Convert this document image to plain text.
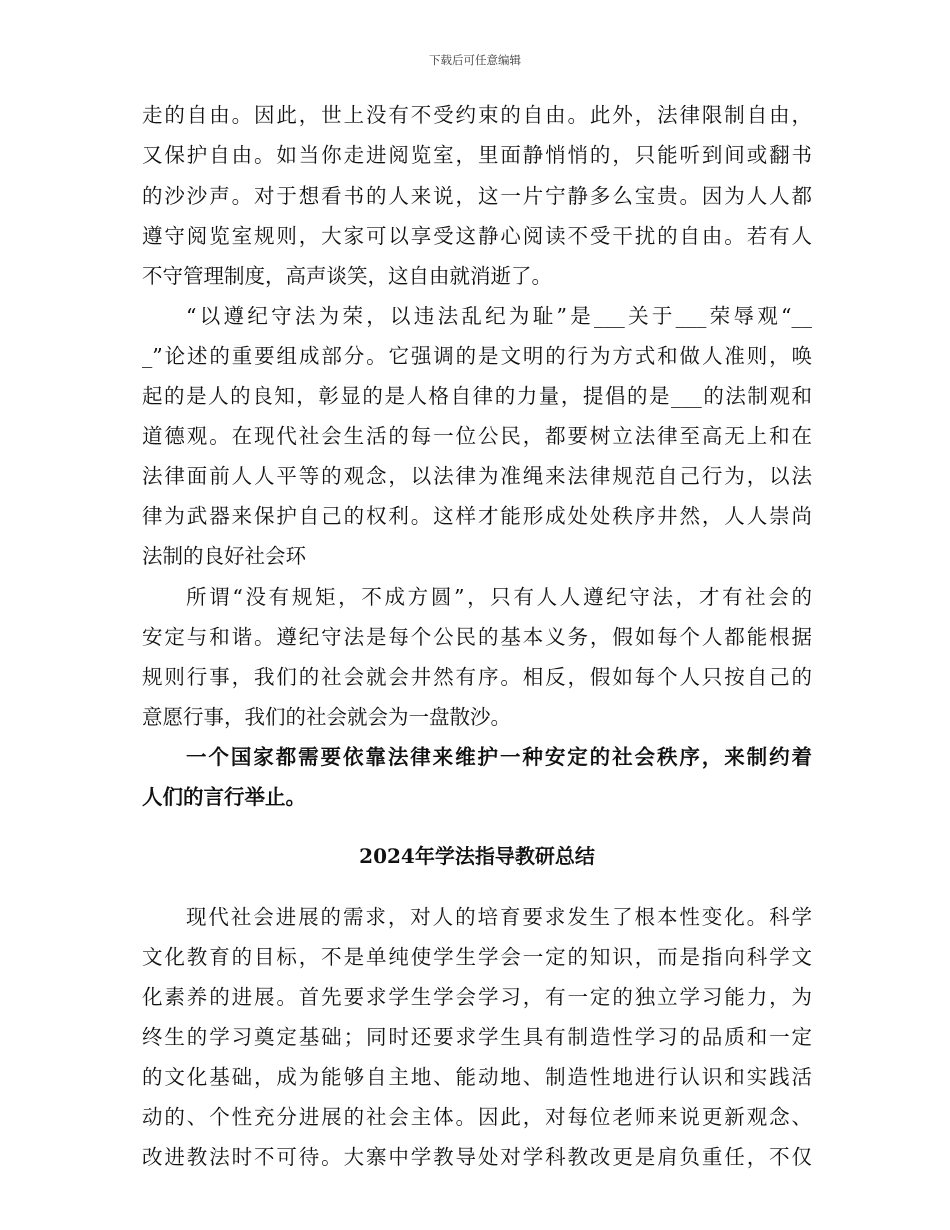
下载后可任意编辑
走的自由。因此，世上没有不受约束的自由。此外，法律限制自由，
又保护自由。如当你走进阅览室，里面静悄悄的，只能听到间或翻书
的沙沙声。对于想看书的人来说，这一片宁静多么宝贵。因为人人都
遵守阅览室规则，大家可以享受这静心阅读不受干扰的自由。若有人
不守管理制度，高声谈笑，这自由就消逝了。
“以遵纪守法为荣，以违法乱纪为耻”是___关于___荣辱观“__
_”论述的重要组成部分。它强调的是文明的行为方式和做人准则，唤
起的是人的良知，彰显的是人格自律的力量，提倡的是___的法制观和
道德观。在现代社会生活的每一位公民，都要树立法律至高无上和在
法律面前人人平等的观念，以法律为准绳来法律规范自己行为，以法
律为武器来保护自己的权利。这样才能形成处处秩序井然，人人崇尚
法制的良好社会环
所谓“没有规矩，不成方圆”，只有人人遵纪守法，才有社会的
安定与和谐。遵纪守法是每个公民的基本义务，假如每个人都能根据
规则行事，我们的社会就会井然有序。相反，假如每个人只按自己的
意愿行事，我们的社会就会为一盘散沙。
一个国家都需要依靠法律来维护一种安定的社会秩序，来制约着
人们的言行举止。
2024年学法指导教研总结
现代社会进展的需求，对人的培育要求发生了根本性变化。科学
文化教育的目标，不是单纯使学生学会一定的知识，而是指向科学文
化素养的进展。首先要求学生学会学习，有一定的独立学习能力，为
终生的学习奠定基础；同时还要求学生具有制造性学习的品质和一定
的文化基础，成为能够自主地、能动地、制造性地进行认识和实践活
动的、个性充分进展的社会主体。因此，对每位老师来说更新观念、
改进教法时不可待。大寨中学教导处对学科教改更是肩负重任，不仅
